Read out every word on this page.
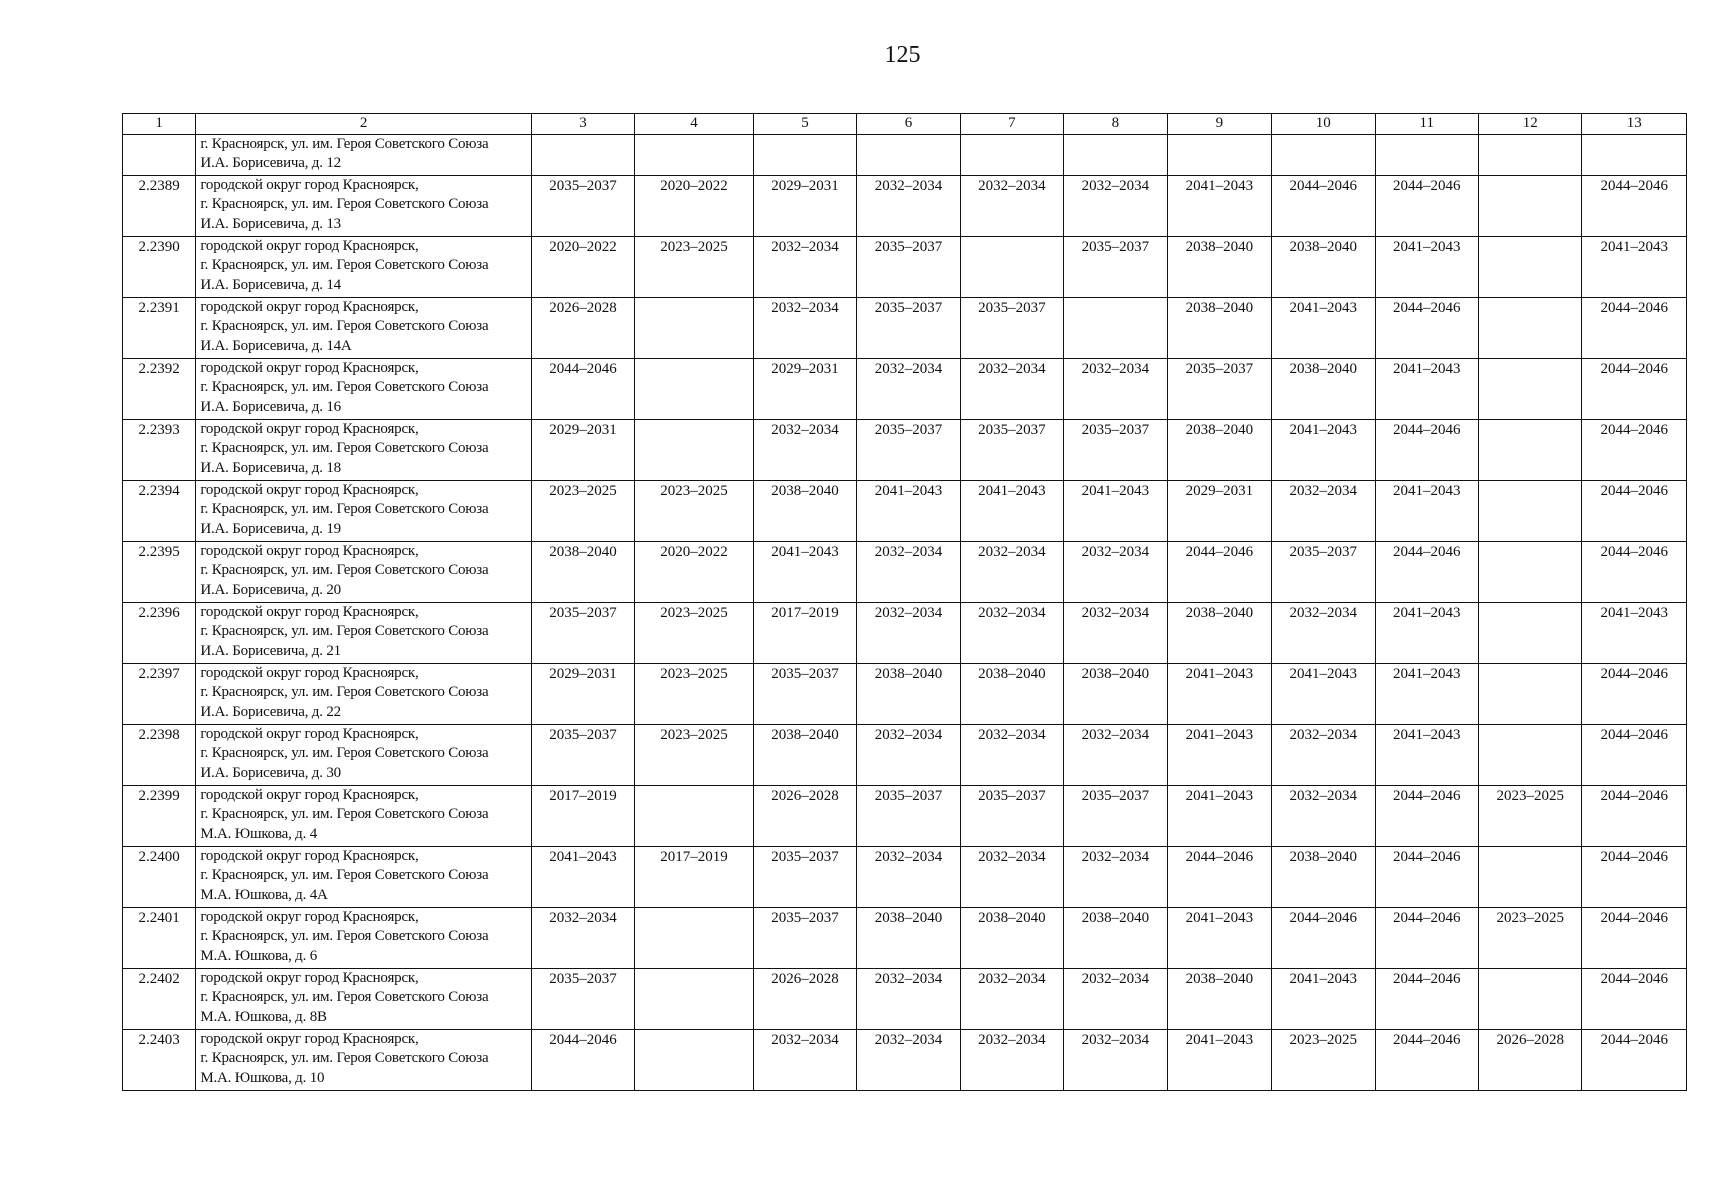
125
1	2	3	4	5	6	7	8	9	10	11	12	13

	г. Красноярск, ул. им. Героя Советского Союза
И.А. Борисевича, д. 12											

2.2389	городской округ город Красноярск,
г. Красноярск, ул. им. Героя Советского Союза
И.А. Борисевича, д. 13	2035–2037	2020–2022	2029–2031	2032–2034	2032–2034	2032–2034	2041–2043	2044–2046	2044–2046		2044–2046
2.2390	городской округ город Красноярск,
г. Красноярск, ул. им. Героя Советского Союза
И.А. Борисевича, д. 14	2020–2022	2023–2025	2032–2034	2035–2037		2035–2037	2038–2040	2038–2040	2041–2043		2041–2043
2.2391	городской округ город Красноярск,
г. Красноярск, ул. им. Героя Советского Союза
И.А. Борисевича, д. 14А	2026–2028		2032–2034	2035–2037	2035–2037		2038–2040	2041–2043	2044–2046		2044–2046
2.2392	городской округ город Красноярск,
г. Красноярск, ул. им. Героя Советского Союза
И.А. Борисевича, д. 16	2044–2046		2029–2031	2032–2034	2032–2034	2032–2034	2035–2037	2038–2040	2041–2043		2044–2046
2.2393	городской округ город Красноярск,
г. Красноярск, ул. им. Героя Советского Союза
И.А. Борисевича, д. 18	2029–2031		2032–2034	2035–2037	2035–2037	2035–2037	2038–2040	2041–2043	2044–2046		2044–2046
2.2394	городской округ город Красноярск,
г. Красноярск, ул. им. Героя Советского Союза
И.А. Борисевича, д. 19	2023–2025	2023–2025	2038–2040	2041–2043	2041–2043	2041–2043	2029–2031	2032–2034	2041–2043		2044–2046
2.2395	городской округ город Красноярск,
г. Красноярск, ул. им. Героя Советского Союза
И.А. Борисевича, д. 20	2038–2040	2020–2022	2041–2043	2032–2034	2032–2034	2032–2034	2044–2046	2035–2037	2044–2046		2044–2046
2.2396	городской округ город Красноярск,
г. Красноярск, ул. им. Героя Советского Союза
И.А. Борисевича, д. 21	2035–2037	2023–2025	2017–2019	2032–2034	2032–2034	2032–2034	2038–2040	2032–2034	2041–2043		2041–2043
2.2397	городской округ город Красноярск,
г. Красноярск, ул. им. Героя Советского Союза
И.А. Борисевича, д. 22	2029–2031	2023–2025	2035–2037	2038–2040	2038–2040	2038–2040	2041–2043	2041–2043	2041–2043		2044–2046
2.2398	городской округ город Красноярск,
г. Красноярск, ул. им. Героя Советского Союза
И.А. Борисевича, д. 30	2035–2037	2023–2025	2038–2040	2032–2034	2032–2034	2032–2034	2041–2043	2032–2034	2041–2043		2044–2046
2.2399	городской округ город Красноярск,
г. Красноярск, ул. им. Героя Советского Союза
М.А. Юшкова, д. 4	2017–2019		2026–2028	2035–2037	2035–2037	2035–2037	2041–2043	2032–2034	2044–2046	2023–2025	2044–2046
2.2400	городской округ город Красноярск,
г. Красноярск, ул. им. Героя Советского Союза
М.А. Юшкова, д. 4А	2041–2043	2017–2019	2035–2037	2032–2034	2032–2034	2032–2034	2044–2046	2038–2040	2044–2046		2044–2046
2.2401	городской округ город Красноярск,
г. Красноярск, ул. им. Героя Советского Союза
М.А. Юшкова, д. 6	2032–2034		2035–2037	2038–2040	2038–2040	2038–2040	2041–2043	2044–2046	2044–2046	2023–2025	2044–2046
2.2402	городской округ город Красноярск,
г. Красноярск, ул. им. Героя Советского Союза
М.А. Юшкова, д. 8В	2035–2037		2026–2028	2032–2034	2032–2034	2032–2034	2038–2040	2041–2043	2044–2046		2044–2046
2.2403	городской округ город Красноярск,
г. Красноярск, ул. им. Героя Советского Союза
М.А. Юшкова, д. 10	2044–2046		2032–2034	2032–2034	2032–2034	2032–2034	2041–2043	2023–2025	2044–2046	2026–2028	2044–2046
